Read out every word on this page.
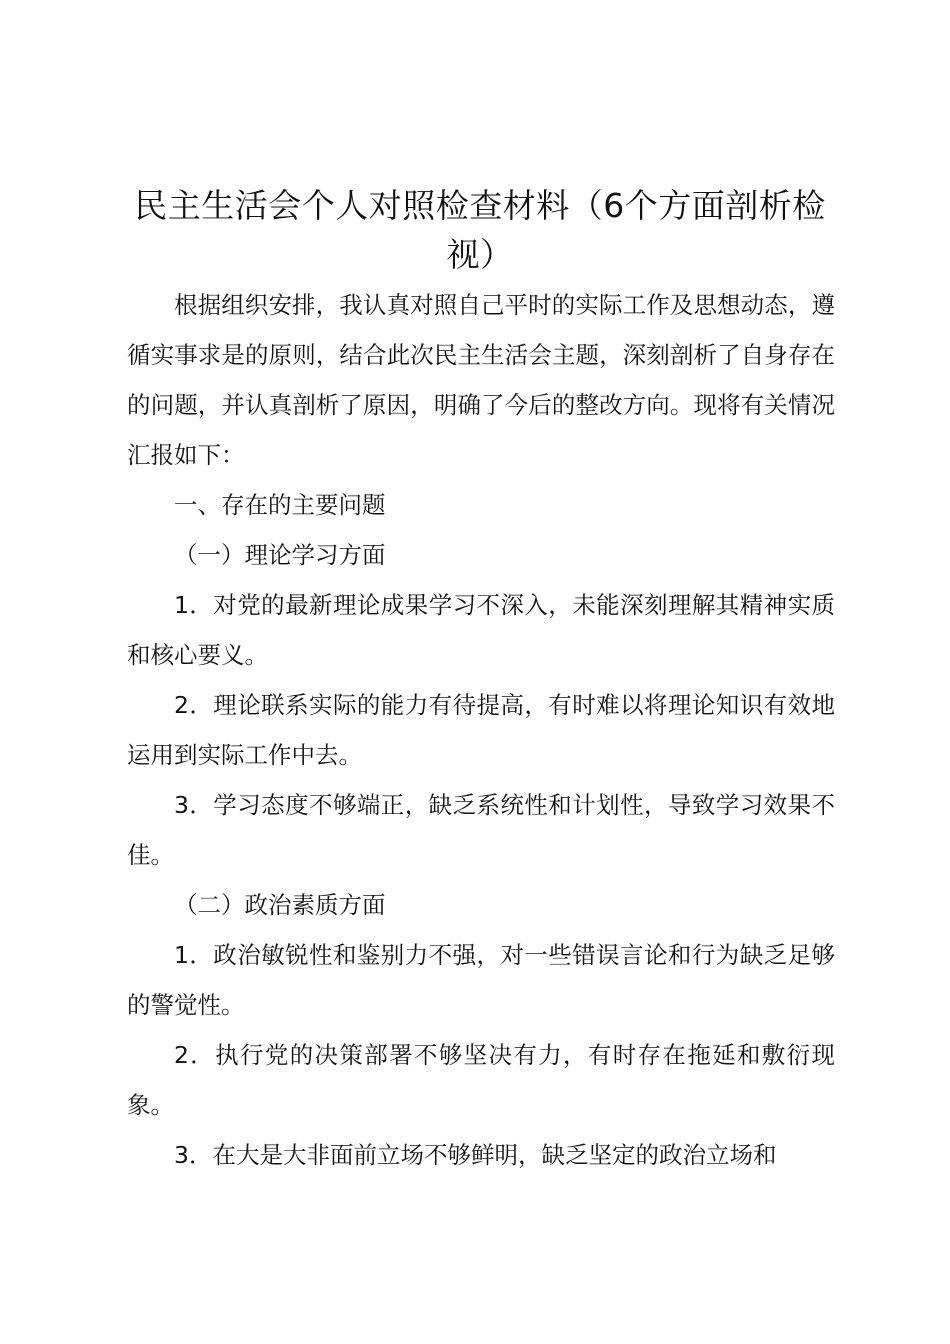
民主生活会个人对照检查材料（6个方面剖析检视）

根据组织安排，我认真对照自己平时的实际工作及思想动态，遵循实事求是的原则，结合此次民主生活会主题，深刻剖析了自身存在的问题，并认真剖析了原因，明确了今后的整改方向。现将有关情况汇报如下：

一、存在的主要问题

（一）理论学习方面

1．对党的最新理论成果学习不深入，未能深刻理解其精神实质和核心要义。

2．理论联系实际的能力有待提高，有时难以将理论知识有效地运用到实际工作中去。

3．学习态度不够端正，缺乏系统性和计划性，导致学习效果不佳。

（二）政治素质方面

1．政治敏锐性和鉴别力不强，对一些错误言论和行为缺乏足够的警觉性。

2．执行党的决策部署不够坚决有力，有时存在拖延和敷衍现象。

3．在大是大非面前立场不够鲜明，缺乏坚定的政治立场和
